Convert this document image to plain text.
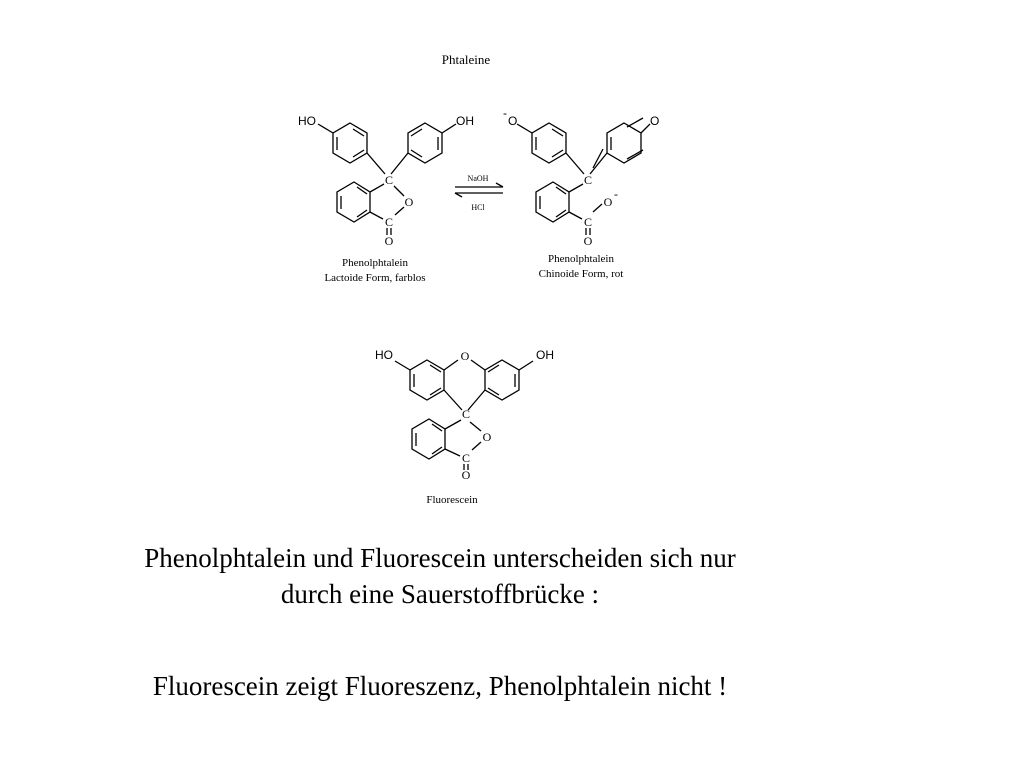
Phtaleine
HO	OH
C
O
C
O
Phenolphtalein
Lactoide Form, farblos
NaOH
HCl
O
-
O
C
O
-
C
O
Phenolphtalein
Chinoide Form, rot
HO	OH
O
C
O
C
O
Fluorescein
Phenolphtalein und Fluorescein unterscheiden sich nur
durch eine Sauerstoffbrücke :
Fluorescein zeigt Fluoreszenz, Phenolphtalein nicht !
